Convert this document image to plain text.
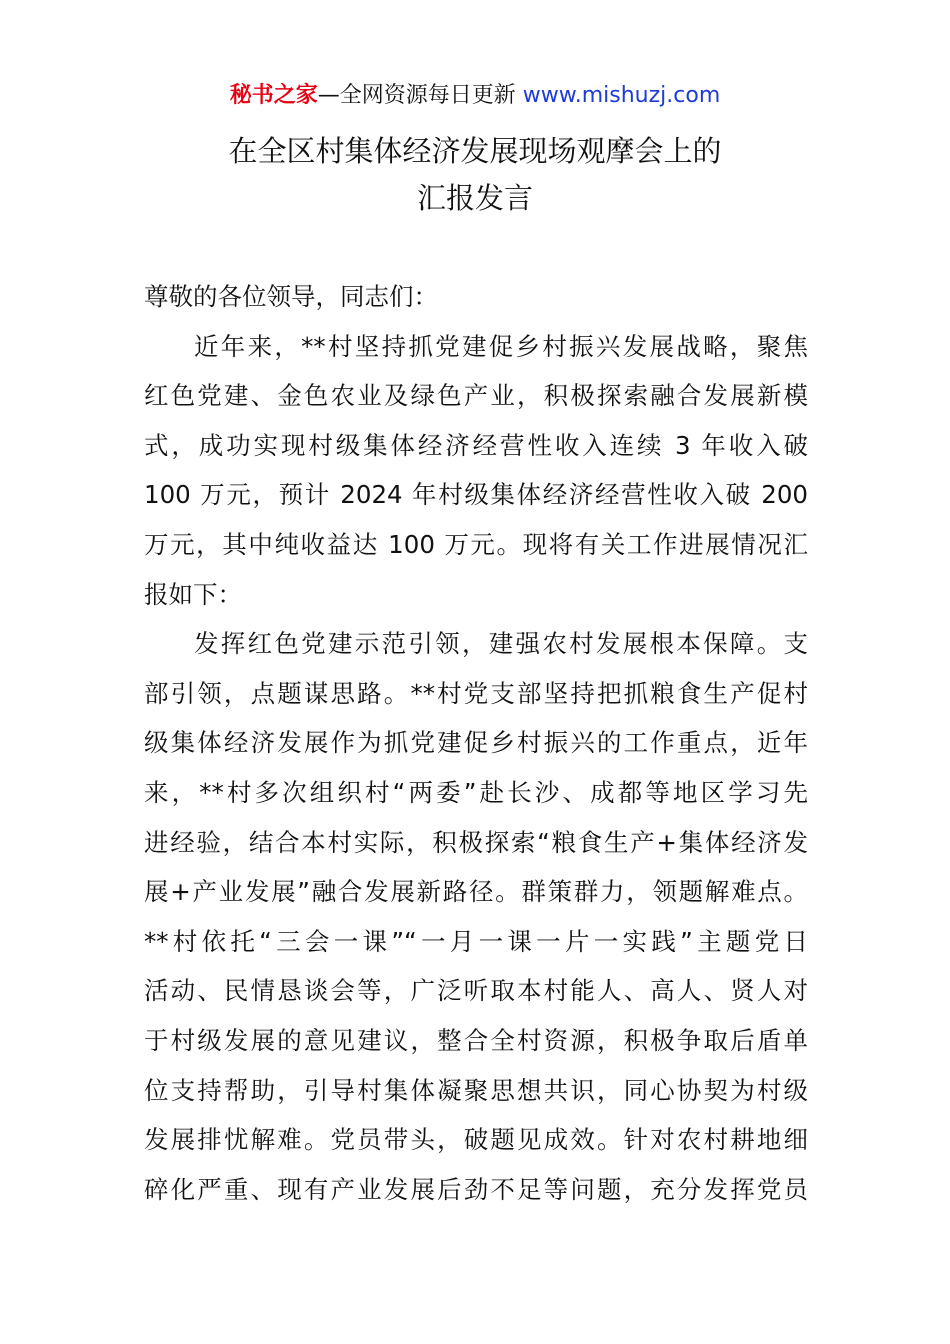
秘书之家—全网资源每日更新 www.mishuzj.com
在全区村集体经济发展现场观摩会上的
汇报发言
尊敬的各位领导，同志们：
近年来，**村坚持抓党建促乡村振兴发展战略，聚焦
红色党建、金色农业及绿色产业，积极探索融合发展新模
式，成功实现村级集体经济经营性收入连续 3 年收入破
100 万元，预计 2024 年村级集体经济经营性收入破 200
万元，其中纯收益达 100 万元。现将有关工作进展情况汇
报如下：
发挥红色党建示范引领，建强农村发展根本保障。支
部引领，点题谋思路。**村党支部坚持把抓粮食生产促村
级集体经济发展作为抓党建促乡村振兴的工作重点，近年
来，**村多次组织村“两委”赴长沙、成都等地区学习先
进经验，结合本村实际，积极探索“粮食生产+集体经济发
展+产业发展”融合发展新路径。群策群力，领题解难点。
**村依托“三会一课”“一月一课一片一实践”主题党日
活动、民情恳谈会等，广泛听取本村能人、高人、贤人对
于村级发展的意见建议，整合全村资源，积极争取后盾单
位支持帮助，引导村集体凝聚思想共识，同心协契为村级
发展排忧解难。党员带头，破题见成效。针对农村耕地细
碎化严重、现有产业发展后劲不足等问题，充分发挥党员
